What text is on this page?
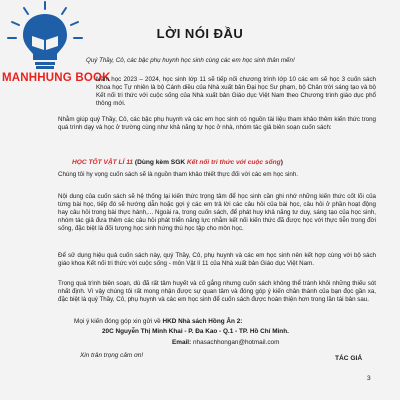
MANHHUNG BOOK
LỜI NÓI ĐẦU
Quý Thầy, Cô, các bậc phụ huynh học sinh cùng các em học sinh thân mến!
Năm học 2023 – 2024, học sinh lớp 11 sẽ tiếp nối chương trình lớp 10 các em sẽ học 3 cuốn sách Khoa học Tự nhiên là bộ Cánh diều của Nhà xuất bản Đại học Sư phạm, bộ Chân trời sáng tạo và bộ Kết nối tri thức với cuộc sống của Nhà xuất bản Giáo dục Việt Nam theo Chương trình giáo dục phổ thông mới.
Nhằm giúp quý Thầy, Cô, các bậc phụ huynh và các em học sinh có nguồn tài liệu tham khảo thêm kiến thức trong quá trình dạy và học ở trường cùng như khả năng tự học ở nhà, nhóm tác giả biên soạn cuốn sách:
HỌC TỐT VẬT LÍ 11 (Dùng kèm SGK Kết nối tri thức với cuộc sống)
Chúng tôi hy vọng cuốn sách sẽ là nguồn tham khảo thiết thực đối với các em học sinh.
Nội dung của cuốn sách sẽ hệ thống lại kiến thức trọng tâm để học sinh cần ghi nhớ những kiến thức cốt lõi của từng bài học, tiếp đó sẽ hướng dẫn hoặc gợi ý các em trả lời các câu hỏi của bài học, câu hỏi ở phần hoạt động hay câu hỏi trong bài thực hành,... Ngoài ra, trong cuốn sách, để phát huy khả năng tư duy, sáng tạo của học sinh, nhóm tác giả đưa thêm các câu hỏi phát triển năng lực nhằm kết nối kiến thức đã được học với thực tiễn trong đời sống, đặc biệt là đối tượng học sinh hứng thú học tập cho môn học.
Để sử dụng hiệu quả cuốn sách này, quý Thầy, Cô, phụ huynh và các em học sinh nên kết hợp cùng với bộ sách giáo khoa Kết nối tri thức với cuộc sống - môn Vật lí 11 của Nhà xuất bản Giáo dục Việt Nam.
Trong quá trình biên soạn, dù đã rất tâm huyết và cố gắng nhưng cuốn sách không thể tránh khỏi những thiếu sót nhất định. Vì vậy chúng tôi rất mong nhận được sự quan tâm và đóng góp ý kiến chân thành của bạn đọc gần xa, đặc biệt là quý Thầy, Cô, phụ huynh và các em học sinh để cuốn sách được hoàn thiện hơn trong lần tái bản sau.
Mọi ý kiến đóng góp xin gửi về HKD Nhà sách Hồng Ân 2:
20C Nguyễn Thị Minh Khai - P. Đa Kao - Q.1 - TP. Hồ Chí Minh.
Email: nhasachhongan@hotmail.com
Xin trân trọng cảm ơn!	TÁC GIẢ
3
